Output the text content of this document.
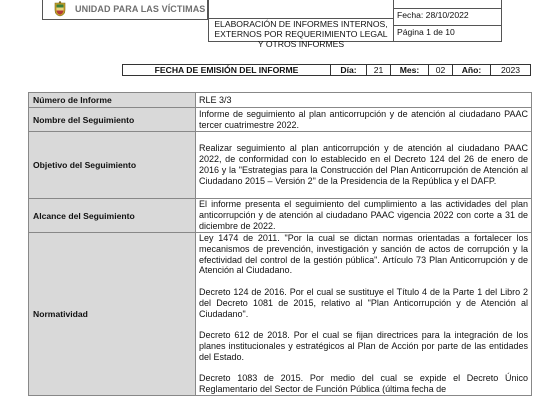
UNIDAD PARA LAS VÍCTIMAS
ELABORACIÓN DE INFORMES INTERNOS, EXTERNOS POR REQUERIMIENTO LEGAL Y OTROS INFORMES
Fecha: 28/10/2022
Página 1 de 10
FECHA DE EMISIÓN DEL INFORME	Día:	21	Mes:	02	Año:	2023
Número de Informe	RLE 3/3
Nombre del Seguimiento	Informe de seguimiento al plan anticorrupción y de atención al ciudadano PAAC tercer cuatrimestre 2022.
Objetivo del Seguimiento	Realizar seguimiento al plan anticorrupción y de atención al ciudadano PAAC 2022, de conformidad con lo establecido en el Decreto 124 del 26 de enero de 2016 y la "Estrategias para la Construcción del Plan Anticorrupción de Atención al Ciudadano 2015 – Versión 2" de la Presidencia de la República y el DAFP.
Alcance del Seguimiento	El informe presenta el seguimiento del cumplimiento a las actividades del plan anticorrupción y de atención al ciudadano PAAC vigencia 2022 con corte a 31 de diciembre de 2022.
Normatividad	Ley 1474 de 2011. "Por la cual se dictan normas orientadas a fortalecer los mecanismos de prevención, investigación y sanción de actos de corrupción y la efectividad del control de la gestión pública". Artículo 73 Plan Anticorrupción y de Atención al Ciudadano.

Decreto 124 de 2016. Por el cual se sustituye el Título 4 de la Parte 1 del Libro 2 del Decreto 1081 de 2015, relativo al "Plan Anticorrupción y de Atención al Ciudadano".

Decreto 612 de 2018. Por el cual se fijan directrices para la integración de los planes institucionales y estratégicos al Plan de Acción por parte de las entidades del Estado.

Decreto 1083 de 2015. Por medio del cual se expide el Decreto Único Reglamentario del Sector de Función Pública (última fecha de
